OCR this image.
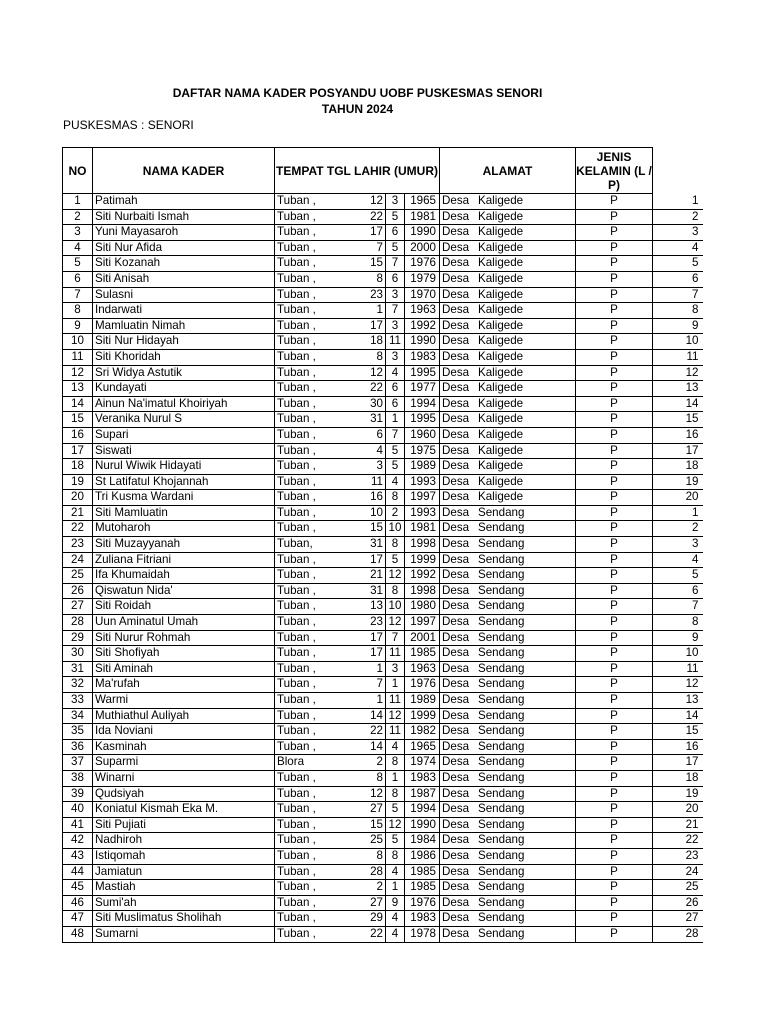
DAFTAR NAMA KADER POSYANDU UOBF PUSKESMAS SENORI
TAHUN 2024
PUSKESMAS : SENORI
NO	NAMA KADER	TEMPAT TGL LAHIR (UMUR)				ALAMAT	JENIS KELAMIN (L / P)	
1	Patimah	Tuban ,	12	3	1965	Desa Kaligede	P	1
2	Siti Nurbaiti Ismah	Tuban ,	22	5	1981	Desa Kaligede	P	2
3	Yuni Mayasaroh	Tuban ,	17	6	1990	Desa Kaligede	P	3
4	Siti Nur Afida	Tuban ,	7	5	2000	Desa Kaligede	P	4
5	Siti Kozanah	Tuban ,	15	7	1976	Desa Kaligede	P	5
6	Siti Anisah	Tuban ,	8	6	1979	Desa Kaligede	P	6
7	Sulasni	Tuban ,	23	3	1970	Desa Kaligede	P	7
8	Indarwati	Tuban ,	1	7	1963	Desa Kaligede	P	8
9	Mamluatin Nimah	Tuban ,	17	3	1992	Desa Kaligede	P	9
10	Siti Nur Hidayah	Tuban ,	18	11	1990	Desa Kaligede	P	10
11	Siti Khoridah	Tuban ,	8	3	1983	Desa Kaligede	P	11
12	Sri Widya Astutik	Tuban ,	12	4	1995	Desa Kaligede	P	12
13	Kundayati	Tuban ,	22	6	1977	Desa Kaligede	P	13
14	Ainun Na'imatul Khoiriyah	Tuban ,	30	6	1994	Desa Kaligede	P	14
15	Veranika Nurul S	Tuban ,	31	1	1995	Desa Kaligede	P	15
16	Supari	Tuban ,	6	7	1960	Desa Kaligede	P	16
17	Siswati	Tuban ,	4	5	1975	Desa Kaligede	P	17
18	Nurul Wiwik Hidayati	Tuban ,	3	5	1989	Desa Kaligede	P	18
19	St Latifatul Khojannah	Tuban ,	11	4	1993	Desa Kaligede	P	19
20	Tri Kusma Wardani	Tuban ,	16	8	1997	Desa Kaligede	P	20
21	Siti Mamluatin	Tuban ,	10	2	1993	Desa Sendang	P	1
22	Mutoharoh	Tuban ,	15	10	1981	Desa Sendang	P	2
23	Siti Muzayyanah	Tuban,	31	8	1998	Desa Sendang	P	3
24	Zuliana Fitriani	Tuban ,	17	5	1999	Desa Sendang	P	4
25	Ifa Khumaidah	Tuban ,	21	12	1992	Desa Sendang	P	5
26	Qiswatun Nida'	Tuban ,	31	8	1998	Desa Sendang	P	6
27	Siti Roidah	Tuban ,	13	10	1980	Desa Sendang	P	7
28	Uun Aminatul Umah	Tuban ,	23	12	1997	Desa Sendang	P	8
29	Siti Nurur Rohmah	Tuban ,	17	7	2001	Desa Sendang	P	9
30	Siti Shofiyah	Tuban ,	17	11	1985	Desa Sendang	P	10
31	Siti Aminah	Tuban ,	1	3	1963	Desa Sendang	P	11
32	Ma'rufah	Tuban ,	7	1	1976	Desa Sendang	P	12
33	Warmi	Tuban ,	1	11	1989	Desa Sendang	P	13
34	Muthiathul Auliyah	Tuban ,	14	12	1999	Desa Sendang	P	14
35	Ida Noviani	Tuban ,	22	11	1982	Desa Sendang	P	15
36	Kasminah	Tuban ,	14	4	1965	Desa Sendang	P	16
37	Suparmi	Blora	2	8	1974	Desa Sendang	P	17
38	Winarni	Tuban ,	8	1	1983	Desa Sendang	P	18
39	Qudsiyah	Tuban ,	12	8	1987	Desa Sendang	P	19
40	Koniatul Kismah Eka M.	Tuban ,	27	5	1994	Desa Sendang	P	20
41	Siti Pujiati	Tuban ,	15	12	1990	Desa Sendang	P	21
42	Nadhiroh	Tuban ,	25	5	1984	Desa Sendang	P	22
43	Istiqomah	Tuban ,	8	8	1986	Desa Sendang	P	23
44	Jamiatun	Tuban ,	28	4	1985	Desa Sendang	P	24
45	Mastiah	Tuban ,	2	1	1985	Desa Sendang	P	25
46	Sumi'ah	Tuban ,	27	9	1976	Desa Sendang	P	26
47	Siti Muslimatus Sholihah	Tuban ,	29	4	1983	Desa Sendang	P	27
48	Sumarni	Tuban ,	22	4	1978	Desa Sendang	P	28
